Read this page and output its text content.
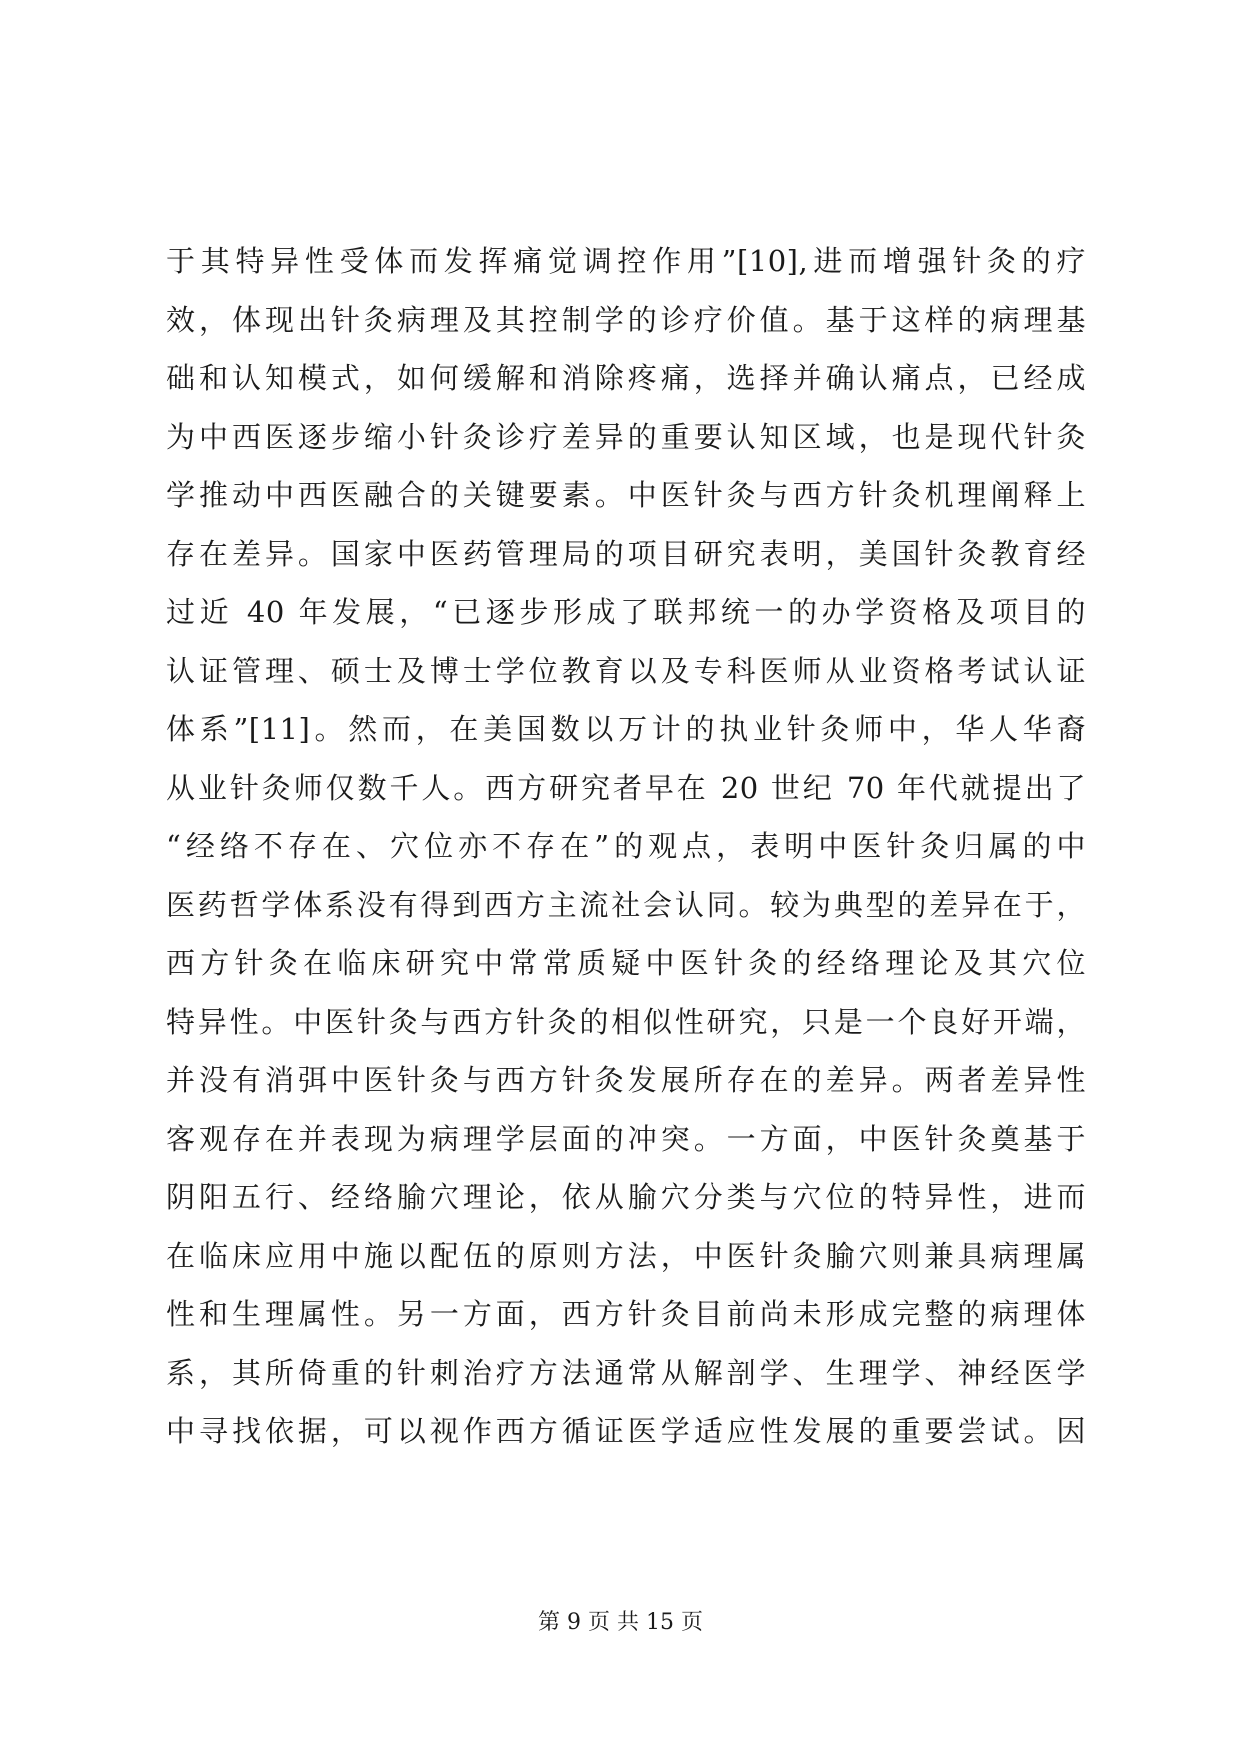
于其特异性受体而发挥痛觉调控作用”[10],进而增强针灸的疗
效，体现出针灸病理及其控制学的诊疗价值。基于这样的病理基
础和认知模式，如何缓解和消除疼痛，选择并确认痛点，已经成
为中西医逐步缩小针灸诊疗差异的重要认知区域，也是现代针灸
学推动中西医融合的关键要素。中医针灸与西方针灸机理阐释上
存在差异。国家中医药管理局的项目研究表明，美国针灸教育经
过近 40 年发展，“已逐步形成了联邦统一的办学资格及项目的
认证管理、硕士及博士学位教育以及专科医师从业资格考试认证
体系”[11]。然而，在美国数以万计的执业针灸师中，华人华裔
从业针灸师仅数千人。西方研究者早在 20 世纪 70 年代就提出了
“经络不存在、穴位亦不存在”的观点，表明中医针灸归属的中
医药哲学体系没有得到西方主流社会认同。较为典型的差异在于，
西方针灸在临床研究中常常质疑中医针灸的经络理论及其穴位
特异性。中医针灸与西方针灸的相似性研究，只是一个良好开端，
并没有消弭中医针灸与西方针灸发展所存在的差异。两者差异性
客观存在并表现为病理学层面的冲突。一方面，中医针灸奠基于
阴阳五行、经络腧穴理论，依从腧穴分类与穴位的特异性，进而
在临床应用中施以配伍的原则方法，中医针灸腧穴则兼具病理属
性和生理属性。另一方面，西方针灸目前尚未形成完整的病理体
系，其所倚重的针刺治疗方法通常从解剖学、生理学、神经医学
中寻找依据，可以视作西方循证医学适应性发展的重要尝试。因
第 9 页 共 15 页
